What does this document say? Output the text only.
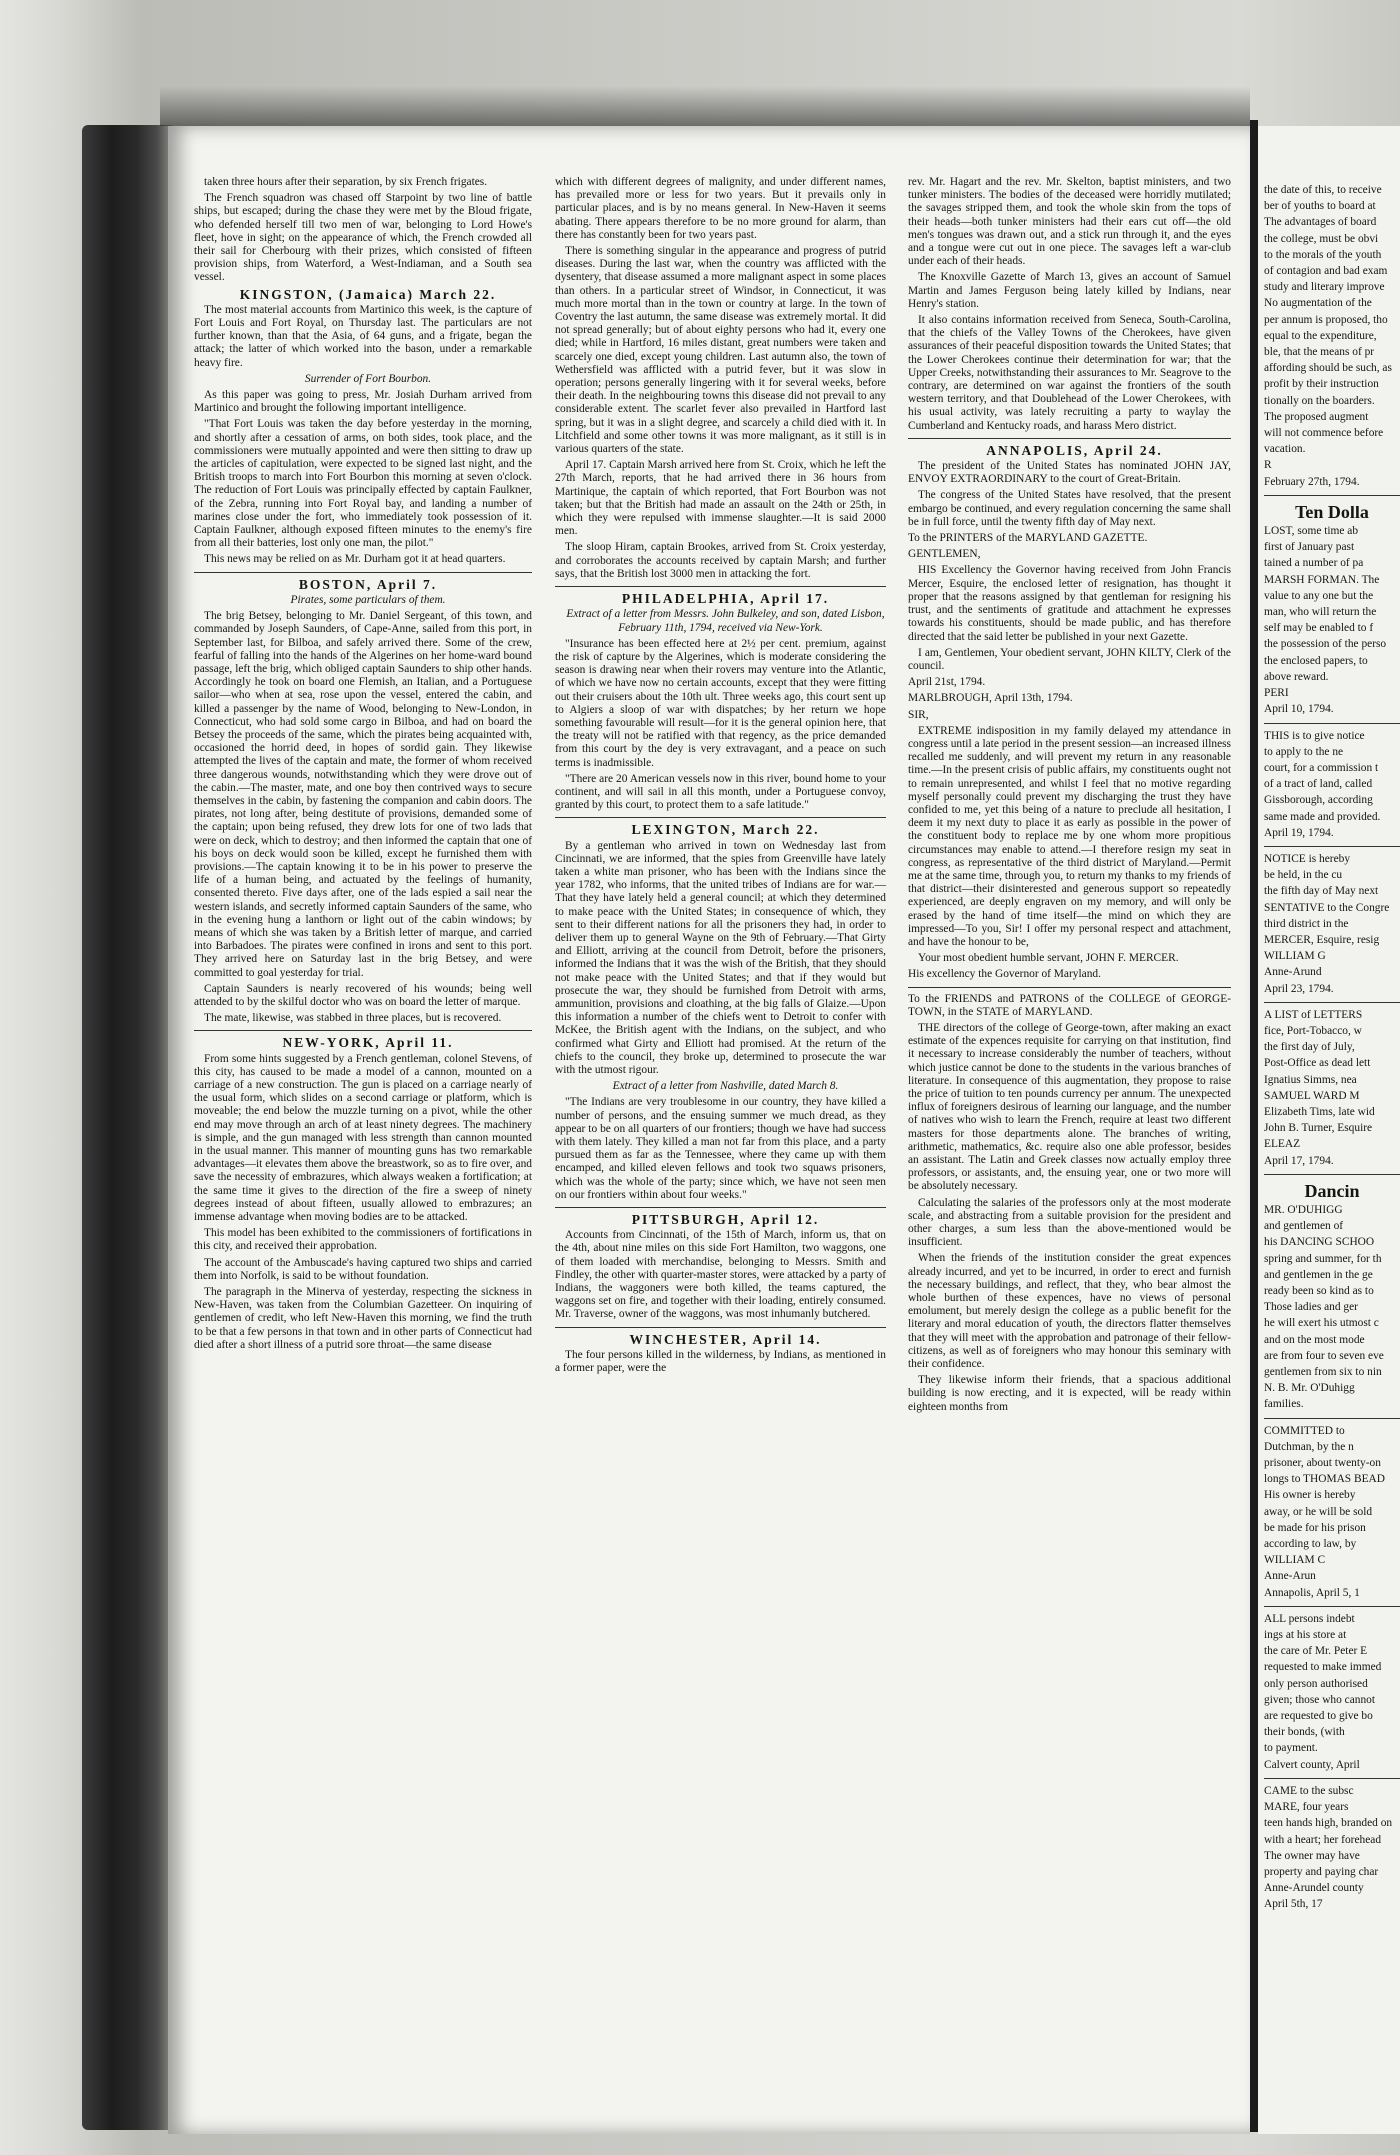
taken three hours after their separation, by six French frigates.

The French squadron was chased off Starpoint by two line of battle ships, but escaped; during the chase they were met by the Bloud frigate, who defended herself till two men of war, belonging to Lord Howe's fleet, hove in sight; on the appearance of which, the French crowded all their sail for Cherbourg with their prizes, which consisted of fifteen provision ships, from Waterford, a West-Indiaman, and a South sea vessel.

KINGSTON, (Jamaica) March 22.

The most material accounts from Martinico this week, is the capture of Fort Louis and Fort Royal, on Thursday last. The particulars are not further known, than that the Asia, of 64 guns, and a frigate, began the attack; the latter of which worked into the bason, under a remarkable heavy fire.

Surrender of Fort Bourbon.

As this paper was going to press, Mr. Josiah Durham arrived from Martinico and brought the following important intelligence.

"That Fort Louis was taken the day before yesterday in the morning, and shortly after a cessation of arms, on both sides, took place, and the commissioners were mutually appointed and were then sitting to draw up the articles of capitulation, were expected to be signed last night, and the British troops to march into Fort Bourbon this morning at seven o'clock. The reduction of Fort Louis was principally effected by captain Faulkner, of the Zebra, running into Fort Royal bay, and landing a number of marines close under the fort, who immediately took possession of it. Captain Faulkner, although exposed fifteen minutes to the enemy's fire from all their batteries, lost only one man, the pilot."

This news may be relied on as Mr. Durham got it at head quarters.

BOSTON, April 7.

Pirates, some particulars of them.

The brig Betsey, belonging to Mr. Daniel Sergeant, of this town, and commanded by Joseph Saunders, of Cape-Anne, sailed from this port, in September last, for Bilboa, and safely arrived there. Some of the crew, fearful of falling into the hands of the Algerines on her home-ward bound passage, left the brig, which obliged captain Saunders to ship other hands. Accordingly he took on board one Flemish, an Italian, and a Portuguese sailor—who when at sea, rose upon the vessel, entered the cabin, and killed a passenger by the name of Wood, belonging to New-London, in Connecticut, who had sold some cargo in Bilboa, and had on board the Betsey the proceeds of the same, which the pirates being acquainted with, occasioned the horrid deed, in hopes of sordid gain. They likewise attempted the lives of the captain and mate, the former of whom received three dangerous wounds, notwithstanding which they were drove out of the cabin.—The master, mate, and one boy then contrived ways to secure themselves in the cabin, by fastening the companion and cabin doors. The pirates, not long after, being destitute of provisions, demanded some of the captain; upon being refused, they drew lots for one of two lads that were on deck, which to destroy; and then informed the captain that one of his boys on deck would soon be killed, except he furnished them with provisions.—The captain knowing it to be in his power to preserve the life of a human being, and actuated by the feelings of humanity, consented thereto. Five days after, one of the lads espied a sail near the western islands, and secretly informed captain Saunders of the same, who in the evening hung a lanthorn or light out of the cabin windows; by means of which she was taken by a British letter of marque, and carried into Barbadoes. The pirates were confined in irons and sent to this port. They arrived here on Saturday last in the brig Betsey, and were committed to goal yesterday for trial.

Captain Saunders is nearly recovered of his wounds; being well attended to by the skilful doctor who was on board the letter of marque.

The mate, likewise, was stabbed in three places, but is recovered.

NEW-YORK, April 11.

From some hints suggested by a French gentleman, colonel Stevens, of this city, has caused to be made a model of a cannon, mounted on a carriage of a new construction. The gun is placed on a carriage nearly of the usual form, which slides on a second carriage or platform, which is moveable; the end below the muzzle turning on a pivot, while the other end may move through an arch of at least ninety degrees. The machinery is simple, and the gun managed with less strength than cannon mounted in the usual manner. This manner of mounting guns has two remarkable advantages—it elevates them above the breastwork, so as to fire over, and save the necessity of embrazures, which always weaken a fortification; at the same time it gives to the direction of the fire a sweep of ninety degrees instead of about fifteen, usually allowed to embrazures; an immense advantage when moving bodies are to be attacked.

This model has been exhibited to the commissioners of fortifications in this city, and received their approbation.

The account of the Ambuscade's having captured two ships and carried them into Norfolk, is said to be without foundation.

The paragraph in the Minerva of yesterday, respecting the sickness in New-Haven, was taken from the Columbian Gazetteer. On inquiring of gentlemen of credit, who left New-Haven this morning, we find the truth to be that a few persons in that town and in other parts of Connecticut had died after a short illness of a putrid sore throat—the same disease

which with different degrees of malignity, and under different names, has prevailed more or less for two years. But it prevails only in particular places, and is by no means general. In New-Haven it seems abating. There appears therefore to be no more ground for alarm, than there has constantly been for two years past.

There is something singular in the appearance and progress of putrid diseases. During the last war, when the country was afflicted with the dysentery, that disease assumed a more malignant aspect in some places than others. In a particular street of Windsor, in Connecticut, it was much more mortal than in the town or country at large. In the town of Coventry the last autumn, the same disease was extremely mortal. It did not spread generally; but of about eighty persons who had it, every one died; while in Hartford, 16 miles distant, great numbers were taken and scarcely one died, except young children. Last autumn also, the town of Wethersfield was afflicted with a putrid fever, but it was slow in operation; persons generally lingering with it for several weeks, before their death. In the neighbouring towns this disease did not prevail to any considerable extent. The scarlet fever also prevailed in Hartford last spring, but it was in a slight degree, and scarcely a child died with it. In Litchfield and some other towns it was more malignant, as it still is in various quarters of the state.

April 17. Captain Marsh arrived here from St. Croix, which he left the 27th March, reports, that he had arrived there in 36 hours from Martinique, the captain of which reported, that Fort Bourbon was not taken; but that the British had made an assault on the 24th or 25th, in which they were repulsed with immense slaughter.—It is said 2000 men.

The sloop Hiram, captain Brookes, arrived from St. Croix yesterday, and corroborates the accounts received by captain Marsh; and further says, that the British lost 3000 men in attacking the fort.

PHILADELPHIA, April 17.

Extract of a letter from Messrs. John Bulkeley, and son, dated Lisbon, February 11th, 1794, received via New-York.

"Insurance has been effected here at 2½ per cent. premium, against the risk of capture by the Algerines, which is moderate considering the season is drawing near when their rovers may venture into the Atlantic, of which we have now no certain accounts, except that they were fitting out their cruisers about the 10th ult. Three weeks ago, this court sent up to Algiers a sloop of war with dispatches; by her return we hope something favourable will result—for it is the general opinion here, that the treaty will not be ratified with that regency, as the price demanded from this court by the dey is very extravagant, and a peace on such terms is inadmissible.

"There are 20 American vessels now in this river, bound home to your continent, and will sail in all this month, under a Portuguese convoy, granted by this court, to protect them to a safe latitude."

LEXINGTON, March 22.

By a gentleman who arrived in town on Wednesday last from Cincinnati, we are informed, that the spies from Greenville have lately taken a white man prisoner, who has been with the Indians since the year 1782, who informs, that the united tribes of Indians are for war.—That they have lately held a general council; at which they determined to make peace with the United States; in consequence of which, they sent to their different nations for all the prisoners they had, in order to deliver them up to general Wayne on the 9th of February.—That Girty and Elliott, arriving at the council from Detroit, before the prisoners, informed the Indians that it was the wish of the British, that they should not make peace with the United States; and that if they would but prosecute the war, they should be furnished from Detroit with arms, ammunition, provisions and cloathing, at the big falls of Glaize.—Upon this information a number of the chiefs went to Detroit to confer with McKee, the British agent with the Indians, on the subject, and who confirmed what Girty and Elliott had promised. At the return of the chiefs to the council, they broke up, determined to prosecute the war with the utmost rigour.

Extract of a letter from Nashville, dated March 8.

"The Indians are very troublesome in our country, they have killed a number of persons, and the ensuing summer we much dread, as they appear to be on all quarters of our frontiers; though we have had success with them lately. They killed a man not far from this place, and a party pursued them as far as the Tennessee, where they came up with them encamped, and killed eleven fellows and took two squaws prisoners, which was the whole of the party; since which, we have not seen men on our frontiers within about four weeks."

PITTSBURGH, April 12.

Accounts from Cincinnati, of the 15th of March, inform us, that on the 4th, about nine miles on this side Fort Hamilton, two waggons, one of them loaded with merchandise, belonging to Messrs. Smith and Findley, the other with quarter-master stores, were attacked by a party of Indians, the waggoners were both killed, the teams captured, the waggons set on fire, and together with their loading, entirely consumed. Mr. Traverse, owner of the waggons, was most inhumanly butchered.

WINCHESTER, April 14.

The four persons killed in the wilderness, by Indians, as mentioned in a former paper, were the

rev. Mr. Hagart and the rev. Mr. Skelton, baptist ministers, and two tunker ministers. The bodies of the deceased were horridly mutilated; the savages stripped them, and took the whole skin from the tops of their heads—both tunker ministers had their ears cut off—the old men's tongues was drawn out, and a stick run through it, and the eyes and a tongue were cut out in one piece. The savages left a war-club under each of their heads.

The Knoxville Gazette of March 13, gives an account of Samuel Martin and James Ferguson being lately killed by Indians, near Henry's station.

It also contains information received from Seneca, South-Carolina, that the chiefs of the Valley Towns of the Cherokees, have given assurances of their peaceful disposition towards the United States; that the Lower Cherokees continue their determination for war; that the Upper Creeks, notwithstanding their assurances to Mr. Seagrove to the contrary, are determined on war against the frontiers of the south western territory, and that Doublehead of the Lower Cherokees, with his usual activity, was lately recruiting a party to waylay the Cumberland and Kentucky roads, and harass Mero district.

ANNAPOLIS, April 24.

The president of the United States has nominated JOHN JAY, ENVOY EXTRAORDINARY to the court of Great-Britain.

The congress of the United States have resolved, that the present embargo be continued, and every regulation concerning the same shall be in full force, until the twenty fifth day of May next.

To the PRINTERS of the MARYLAND GAZETTE.

GENTLEMEN,

HIS Excellency the Governor having received from John Francis Mercer, Esquire, the enclosed letter of resignation, has thought it proper that the reasons assigned by that gentleman for resigning his trust, and the sentiments of gratitude and attachment he expresses towards his constituents, should be made public, and has therefore directed that the said letter be published in your next Gazette.

I am, Gentlemen, Your obedient servant, JOHN KILTY, Clerk of the council.

April 21st, 1794.

MARLBROUGH, April 13th, 1794.

SIR,

EXTREME indisposition in my family delayed my attendance in congress until a late period in the present session—an increased illness recalled me suddenly, and will prevent my return in any reasonable time.—In the present crisis of public affairs, my constituents ought not to remain unrepresented, and whilst I feel that no motive regarding myself personally could prevent my discharging the trust they have confided to me, yet this being of a nature to preclude all hesitation, I deem it my next duty to place it as early as possible in the power of the constituent body to replace me by one whom more propitious circumstances may enable to attend.—I therefore resign my seat in congress, as representative of the third district of Maryland.—Permit me at the same time, through you, to return my thanks to my friends of that district—their disinterested and generous support so repeatedly experienced, are deeply engraven on my memory, and will only be erased by the hand of time itself—the mind on which they are impressed—To you, Sir! I offer my personal respect and attachment, and have the honour to be,

Your most obedient humble servant, JOHN F. MERCER.

His excellency the Governor of Maryland.

To the FRIENDS and PATRONS of the COLLEGE of GEORGE-TOWN, in the STATE of MARYLAND.

THE directors of the college of George-town, after making an exact estimate of the expences requisite for carrying on that institution, find it necessary to increase considerably the number of teachers, without which justice cannot be done to the students in the various branches of literature. In consequence of this augmentation, they propose to raise the price of tuition to ten pounds currency per annum. The unexpected influx of foreigners desirous of learning our language, and the number of natives who wish to learn the French, require at least two different masters for those departments alone. The branches of writing, arithmetic, mathematics, &c. require also one able professor, besides an assistant. The Latin and Greek classes now actually employ three professors, or assistants, and, the ensuing year, one or two more will be absolutely necessary.

Calculating the salaries of the professors only at the most moderate scale, and abstracting from a suitable provision for the president and other charges, a sum less than the above-mentioned would be insufficient.

When the friends of the institution consider the great expences already incurred, and yet to be incurred, in order to erect and furnish the necessary buildings, and reflect, that they, who bear almost the whole burthen of these expences, have no views of personal emolument, but merely design the college as a public benefit for the literary and moral education of youth, the directors flatter themselves that they will meet with the approbation and patronage of their fellow-citizens, as well as of foreigners who may honour this seminary with their confidence.

They likewise inform their friends, that a spacious additional building is now erecting, and it is expected, will be ready within eighteen months from

the date of this, to receive

ber of youths to board at

The advantages of board

the college, must be obvi

to the morals of the youth

of contagion and bad exam

study and literary improve

No augmentation of the

per annum is proposed, tho

equal to the expenditure,

ble, that the means of pr

affording should be such, as

profit by their instruction

tionally on the boarders.

The proposed augment

will not commence before

vacation.

R

February 27th, 1794.

Ten Dolla

LOST, some time ab

first of January past

tained a number of pa

MARSH FORMAN. The

value to any one but the

man, who will return the

self may be enabled to f

the possession of the perso

the enclosed papers, to

above reward.

PERI

April 10, 1794.

THIS is to give notice

to apply to the ne

court, for a commission t

of a tract of land, called

Gissborough, according

same made and provided.

April 19, 1794.

NOTICE is hereby

be held, in the cu

the fifth day of May next

SENTATIVE to the Congre

third district in the

MERCER, Esquire, resig

WILLIAM G

Anne-Arund

April 23, 1794.

A LIST of LETTERS

fice, Port-Tobacco, w

the first day of July,

Post-Office as dead lett

Ignatius Simms, nea

SAMUEL WARD M

Elizabeth Tims, late wid

John B. Turner, Esquire

ELEAZ

April 17, 1794.

Dancin

MR. O'DUHIGG

and gentlemen of

his DANCING SCHOO

spring and summer, for th

and gentlemen in the ge

ready been so kind as to

Those ladies and ger

he will exert his utmost c

and on the most mode

are from four to seven eve

gentlemen from six to nin

N. B. Mr. O'Duhigg

families.

COMMITTED to

Dutchman, by the n

prisoner, about twenty-on

longs to THOMAS BEAD

His owner is hereby

away, or he will be sold

be made for his prison

according to law, by

WILLIAM C

Anne-Arun

Annapolis, April 5, 1

ALL persons indebt

ings at his store at

the care of Mr. Peter E

requested to make immed

only person authorised

given; those who cannot

are requested to give bo

their bonds, (with

to payment.

Calvert county, April

CAME to the subsc

MARE, four years

teen hands high, branded on

with a heart; her forehead

The owner may have

property and paying char

Anne-Arundel county

April 5th, 17
